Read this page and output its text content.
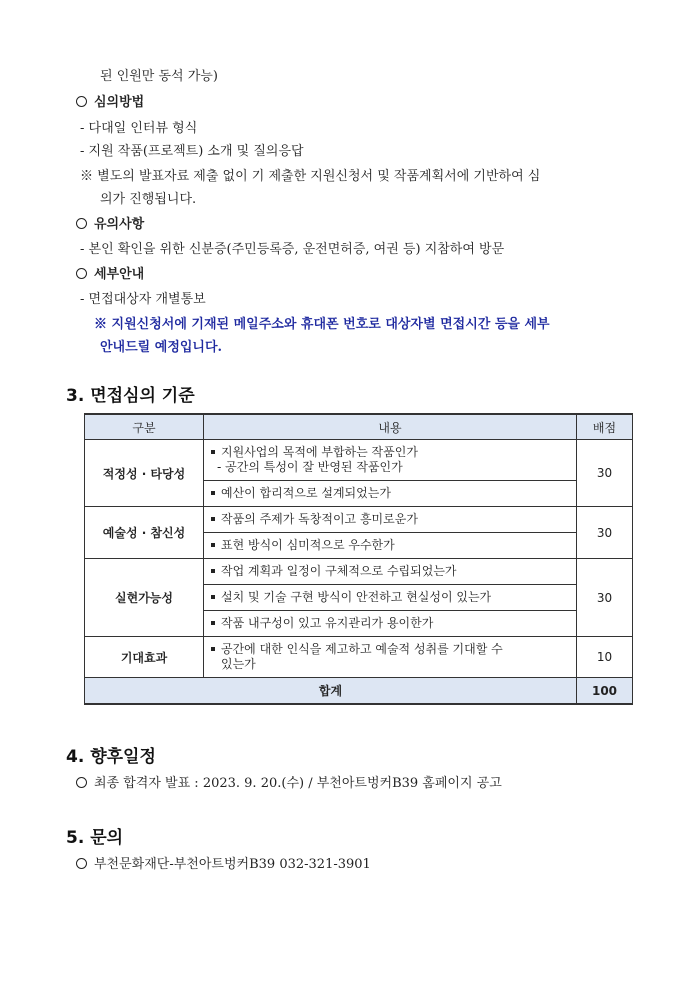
된 인원만 동석 가능)
심의방법
- 다대일 인터뷰 형식
- 지원 작품(프로젝트) 소개 및 질의응답
※ 별도의 발표자료 제출 없이 기 제출한 지원신청서 및 작품계획서에 기반하여 심
의가 진행됩니다.
유의사항
- 본인 확인을 위한 신분증(주민등록증, 운전면허증, 여권 등) 지참하여 방문
세부안내
- 면접대상자 개별통보
※ 지원신청서에 기재된 메일주소와 휴대폰 번호로 대상자별 면접시간 등을 세부
안내드릴 예정입니다.
3. 면접심의 기준
구분	내용	배점
적정성 · 타당성	지원사업의 목적에 부합하는 작품인가
- 공간의 특성이 잘 반영된 작품인가	30
	예산이 합리적으로 설계되었는가	
예술성 · 참신성	작품의 주제가 독창적이고 흥미로운가	30
	표현 방식이 심미적으로 우수한가	
실현가능성	작업 계획과 일정이 구체적으로 수립되었는가	30
	설치 및 기술 구현 방식이 안전하고 현실성이 있는가	
	작품 내구성이 있고 유지관리가 용이한가	
기대효과	공간에 대한 인식을 제고하고 예술적 성취를 기대할 수
있는가	10
합계		100
4. 향후일정
최종 합격자 발표 : 2023. 9. 20.(수) / 부천아트벙커B39 홈페이지 공고
5. 문의
부천문화재단-부천아트벙커B39 032-321-3901
